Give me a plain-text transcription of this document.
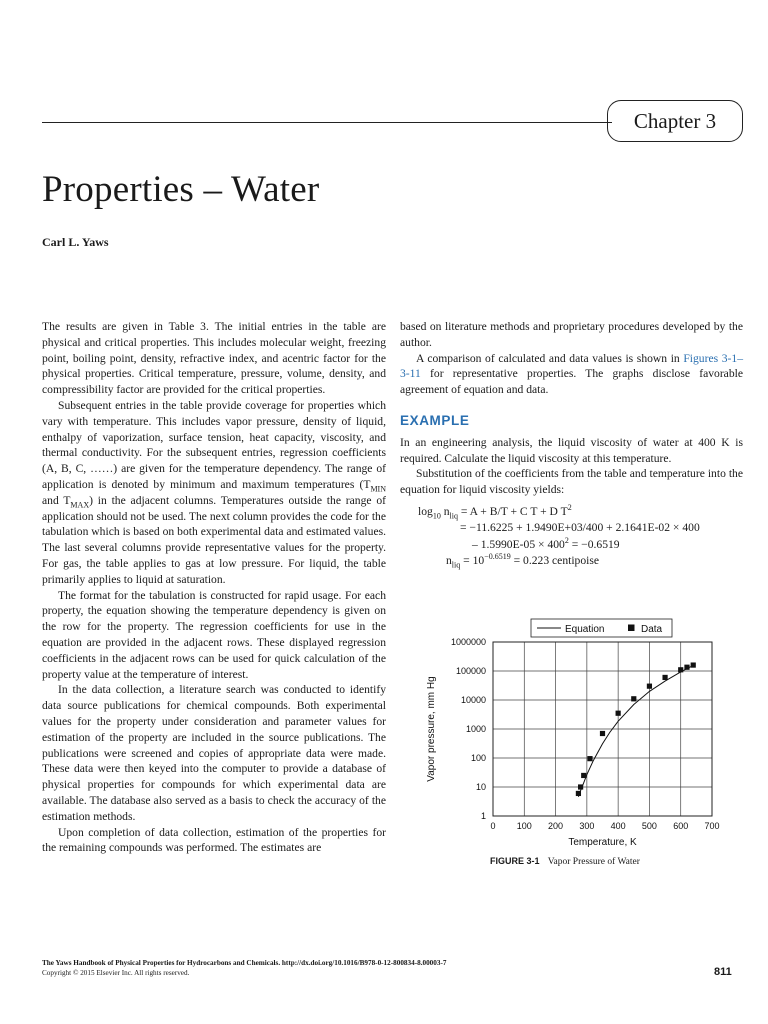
Chapter 3
Properties – Water
Carl L. Yaws

The results are given in Table 3. The initial entries in the table are physical and critical properties. This includes molecular weight, freezing point, boiling point, density, refractive index, and acentric factor for the physical properties. Critical temperature, pressure, volume, density, and compressibility factor are provided for the critical properties.

Subsequent entries in the table provide coverage for properties which vary with temperature. This includes vapor pressure, density of liquid, enthalpy of vaporization, surface tension, heat capacity, viscosity, and thermal conductivity. For the subsequent entries, regression coefficients (A, B, C, ……) are given for the temperature dependency. The range of application is denoted by minimum and maximum temperatures ($T_{MIN}$ and $T_{MAX}$) in the adjacent columns. Temperatures outside the range of application should not be used. The next column provides the code for the tabulation which is based on both experimental data and estimated values. The last several columns provide representative values for the property. For gas, the table applies to gas at low pressure. For liquid, the table primarily applies to liquid at saturation.

The format for the tabulation is constructed for rapid usage. For each property, the equation showing the temperature dependency is given on the row for the property. The regression coefficients for use in the equation are provided in the adjacent rows. These displayed regression coefficients in the adjacent rows can be used for quick calculation of the property value at the temperature of interest.

In the data collection, a literature search was conducted to identify data source publications for chemical compounds. Both experimental values for the property under consideration and parameter values for estimation of the property are included in the source publications. The publications were screened and copies of appropriate data were made. These data were then keyed into the computer to provide a database of physical properties for compounds for which experimental data are available. The database also served as a basis to check the accuracy of the estimation methods.

Upon completion of data collection, estimation of the properties for the remaining compounds was performed. The estimates are

based on literature methods and proprietary procedures developed by the author.

A comparison of calculated and data values is shown in Figures 3-1–3-11 for representative properties. The graphs disclose favorable agreement of equation and data.

EXAMPLE

In an engineering analysis, the liquid viscosity of water at 400 K is required. Calculate the liquid viscosity at this temperature.

Substitution of the coefficients from the table and temperature into the equation for liquid viscosity yields:

$\log_{10} n_{liq} = A + B/T + C$ T + D $T^2$
= −11.6225 + 1.9490E+03/400 + 2.1641E-02 × 400
– $1.5990E-05 \times 400^2 = -0.6519$
$n_{liq} = 10^{-0.6519} = 0.223$ centipoise
0 100 200 300 400 500 600 700
1
10
100
1000
10000
100000
1000000
Temperature, K
Vapor pressure, mm Hg
Equation	Data
FIGURE 3-1 Vapor Pressure of Water
The Yaws Handbook of Physical Properties for Hydrocarbons and Chemicals. http://dx.doi.org/10.1016/B978-0-12-800834-8.00003-7
Copyright © 2015 Elsevier Inc. All rights reserved.	811
